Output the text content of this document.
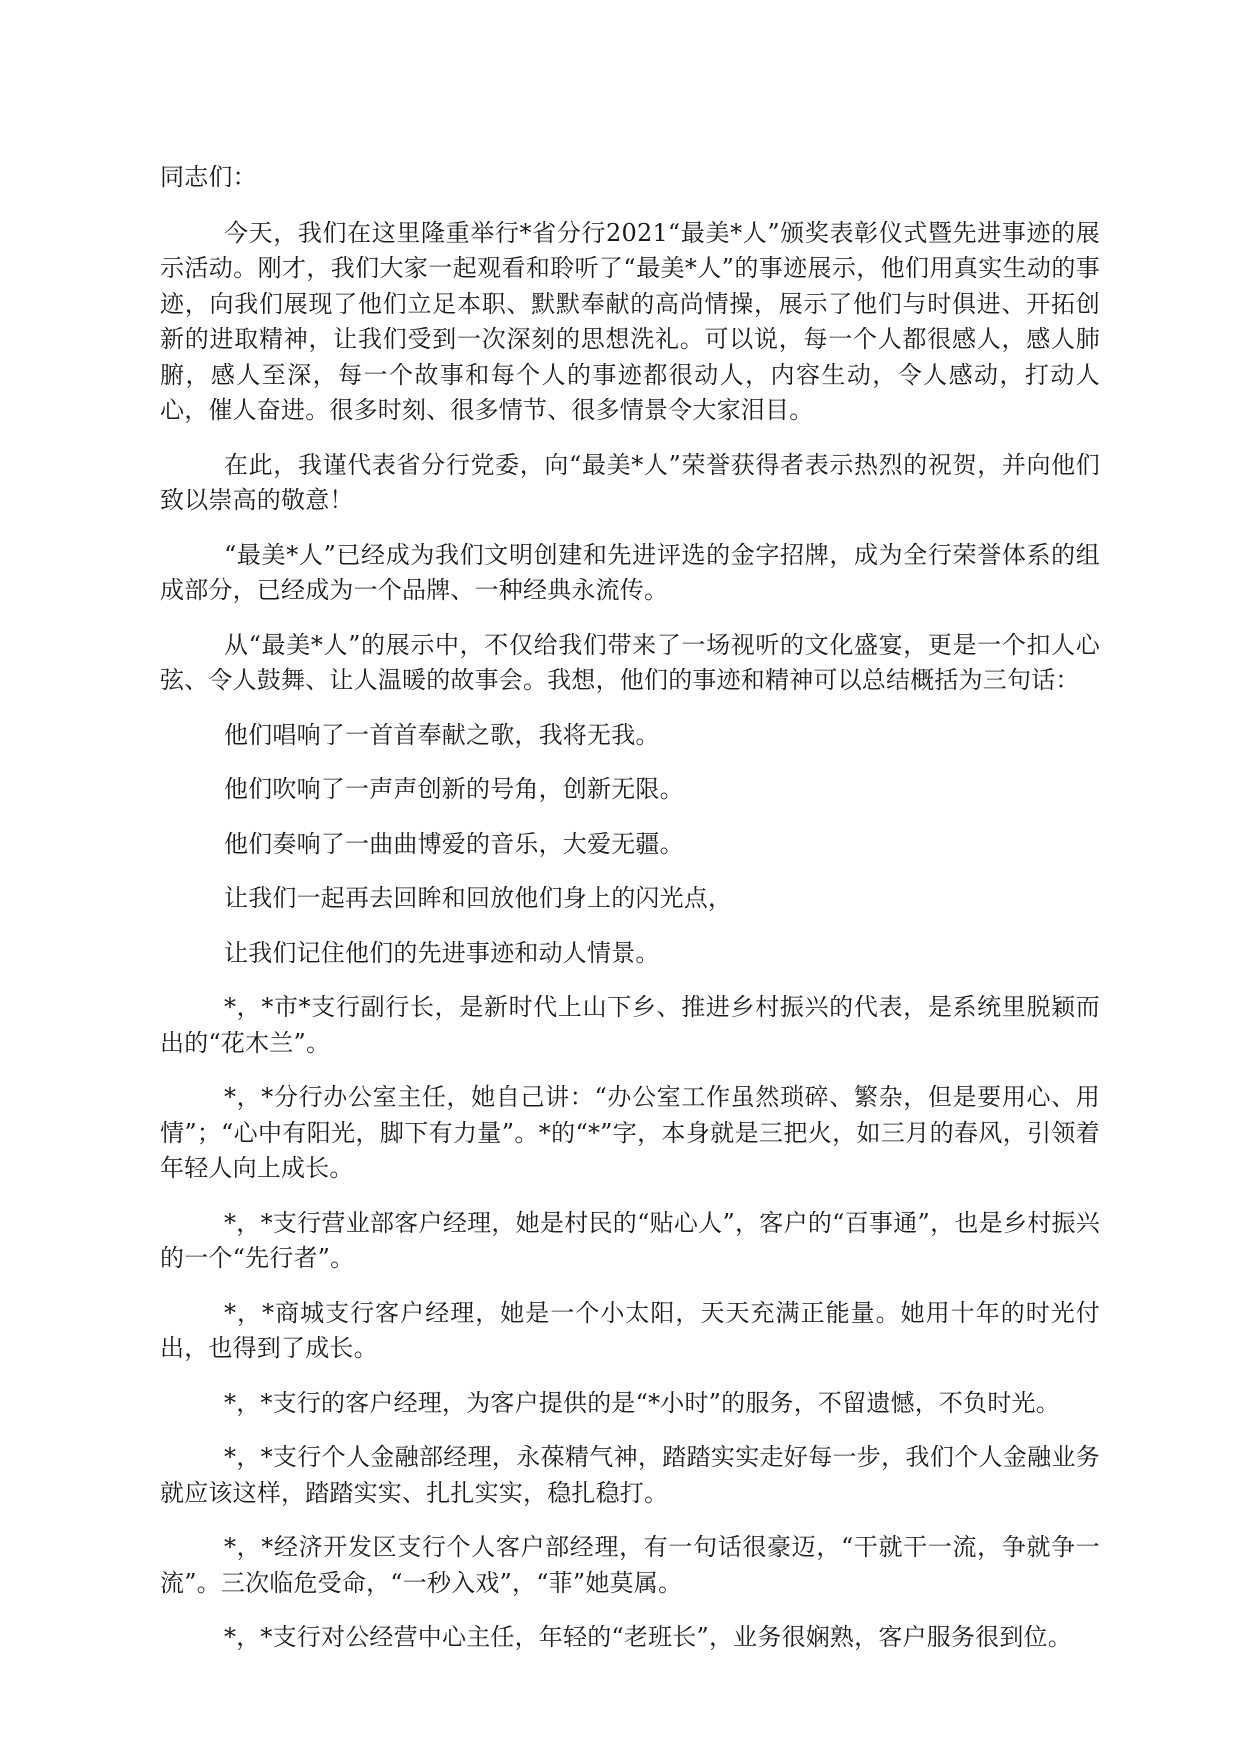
同志们：

今天，我们在这里隆重举行*省分行2021“最美*人”颁奖表彰仪式暨先进事迹的展示活动。刚才，我们大家一起观看和聆听了“最美*人”的事迹展示，他们用真实生动的事迹，向我们展现了他们立足本职、默默奉献的高尚情操，展示了他们与时俱进、开拓创新的进取精神，让我们受到一次深刻的思想洗礼。可以说，每一个人都很感人，感人肺腑，感人至深，每一个故事和每个人的事迹都很动人，内容生动，令人感动，打动人心，催人奋进。很多时刻、很多情节、很多情景令大家泪目。

在此，我谨代表省分行党委，向“最美*人”荣誉获得者表示热烈的祝贺，并向他们致以崇高的敬意！

“最美*人”已经成为我们文明创建和先进评选的金字招牌，成为全行荣誉体系的组成部分，已经成为一个品牌、一种经典永流传。

从“最美*人”的展示中，不仅给我们带来了一场视听的文化盛宴，更是一个扣人心弦、令人鼓舞、让人温暖的故事会。我想，他们的事迹和精神可以总结概括为三句话：

他们唱响了一首首奉献之歌，我将无我。

他们吹响了一声声创新的号角，创新无限。

他们奏响了一曲曲博爱的音乐，大爱无疆。

让我们一起再去回眸和回放他们身上的闪光点，

让我们记住他们的先进事迹和动人情景。

*，*市*支行副行长，是新时代上山下乡、推进乡村振兴的代表，是系统里脱颖而出的“花木兰”。

*，*分行办公室主任，她自己讲：“办公室工作虽然琐碎、繁杂，但是要用心、用情”；“心中有阳光，脚下有力量”。*的“*”字，本身就是三把火，如三月的春风，引领着年轻人向上成长。

*，*支行营业部客户经理，她是村民的“贴心人”，客户的“百事通”，也是乡村振兴的一个“先行者”。

*，*商城支行客户经理，她是一个小太阳，天天充满正能量。她用十年的时光付出，也得到了成长。

*，*支行的客户经理，为客户提供的是“*小时”的服务，不留遗憾，不负时光。

*，*支行个人金融部经理，永葆精气神，踏踏实实走好每一步，我们个人金融业务就应该这样，踏踏实实、扎扎实实，稳扎稳打。

*，*经济开发区支行个人客户部经理，有一句话很豪迈，“干就干一流，争就争一流”。三次临危受命，“一秒入戏”，“菲”她莫属。

*，*支行对公经营中心主任，年轻的“老班长”，业务很娴熟，客户服务很到位。
